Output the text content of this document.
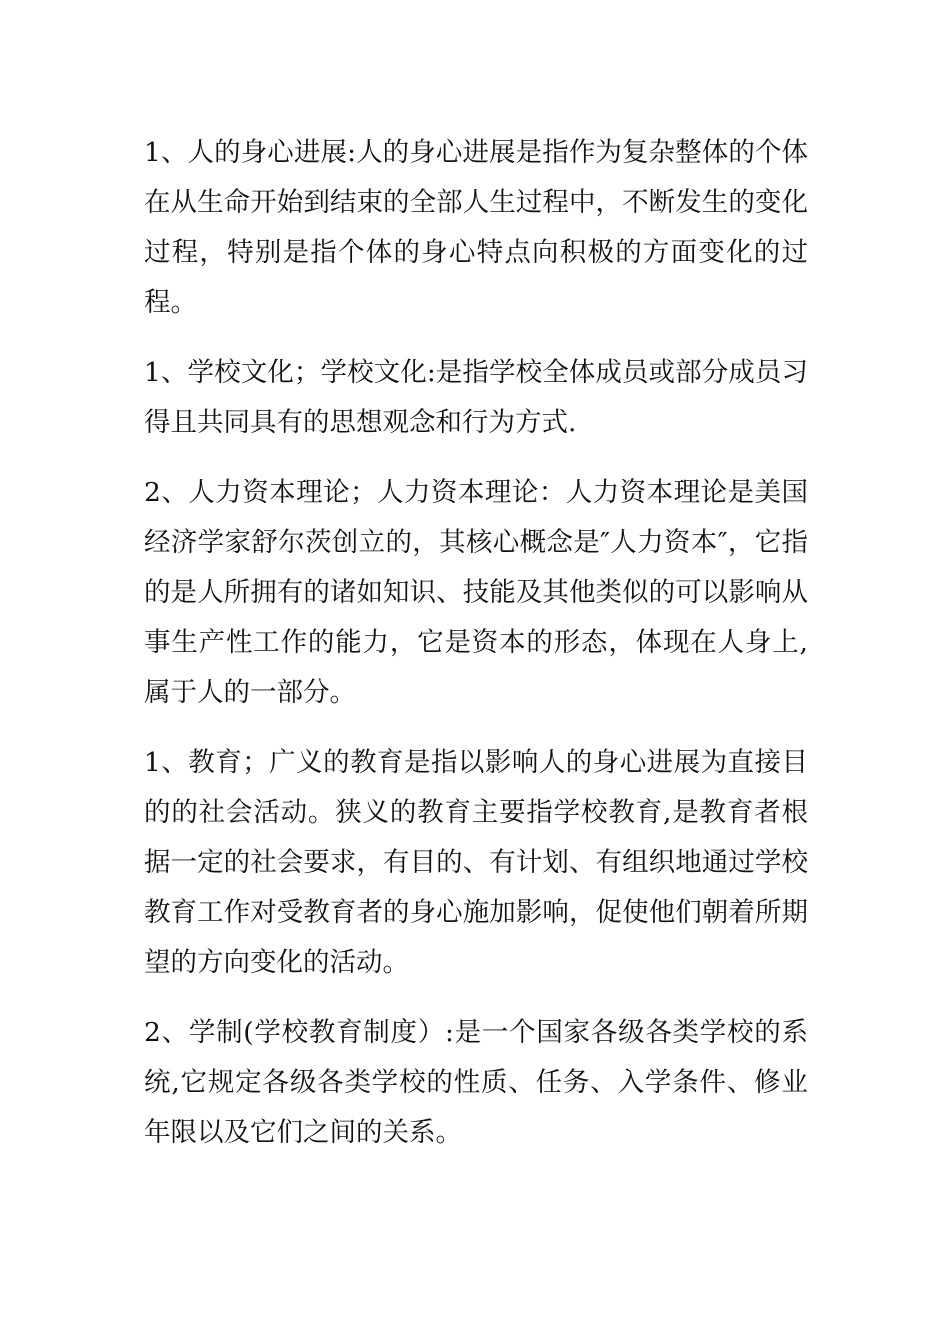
1、人的身心进展:人的身心进展是指作为复杂整体的个体在从生命开始到结束的全部人生过程中，不断发生的变化过程，特别是指个体的身心特点向积极的方面变化的过程。

1、学校文化；学校文化:是指学校全体成员或部分成员习得且共同具有的思想观念和行为方式.

2、人力资本理论；人力资本理论：人力资本理论是美国经济学家舒尔茨创立的，其核心概念是″人力资本″，它指的是人所拥有的诸如知识、技能及其他类似的可以影响从事生产性工作的能力，它是资本的形态，体现在人身上,属于人的一部分。

1、教育；广义的教育是指以影响人的身心进展为直接目的的社会活动。狭义的教育主要指学校教育,是教育者根据一定的社会要求，有目的、有计划、有组织地通过学校教育工作对受教育者的身心施加影响，促使他们朝着所期望的方向变化的活动。

2、学制(学校教育制度）:是一个国家各级各类学校的系统,它规定各级各类学校的性质、任务、入学条件、修业年限以及它们之间的关系。
